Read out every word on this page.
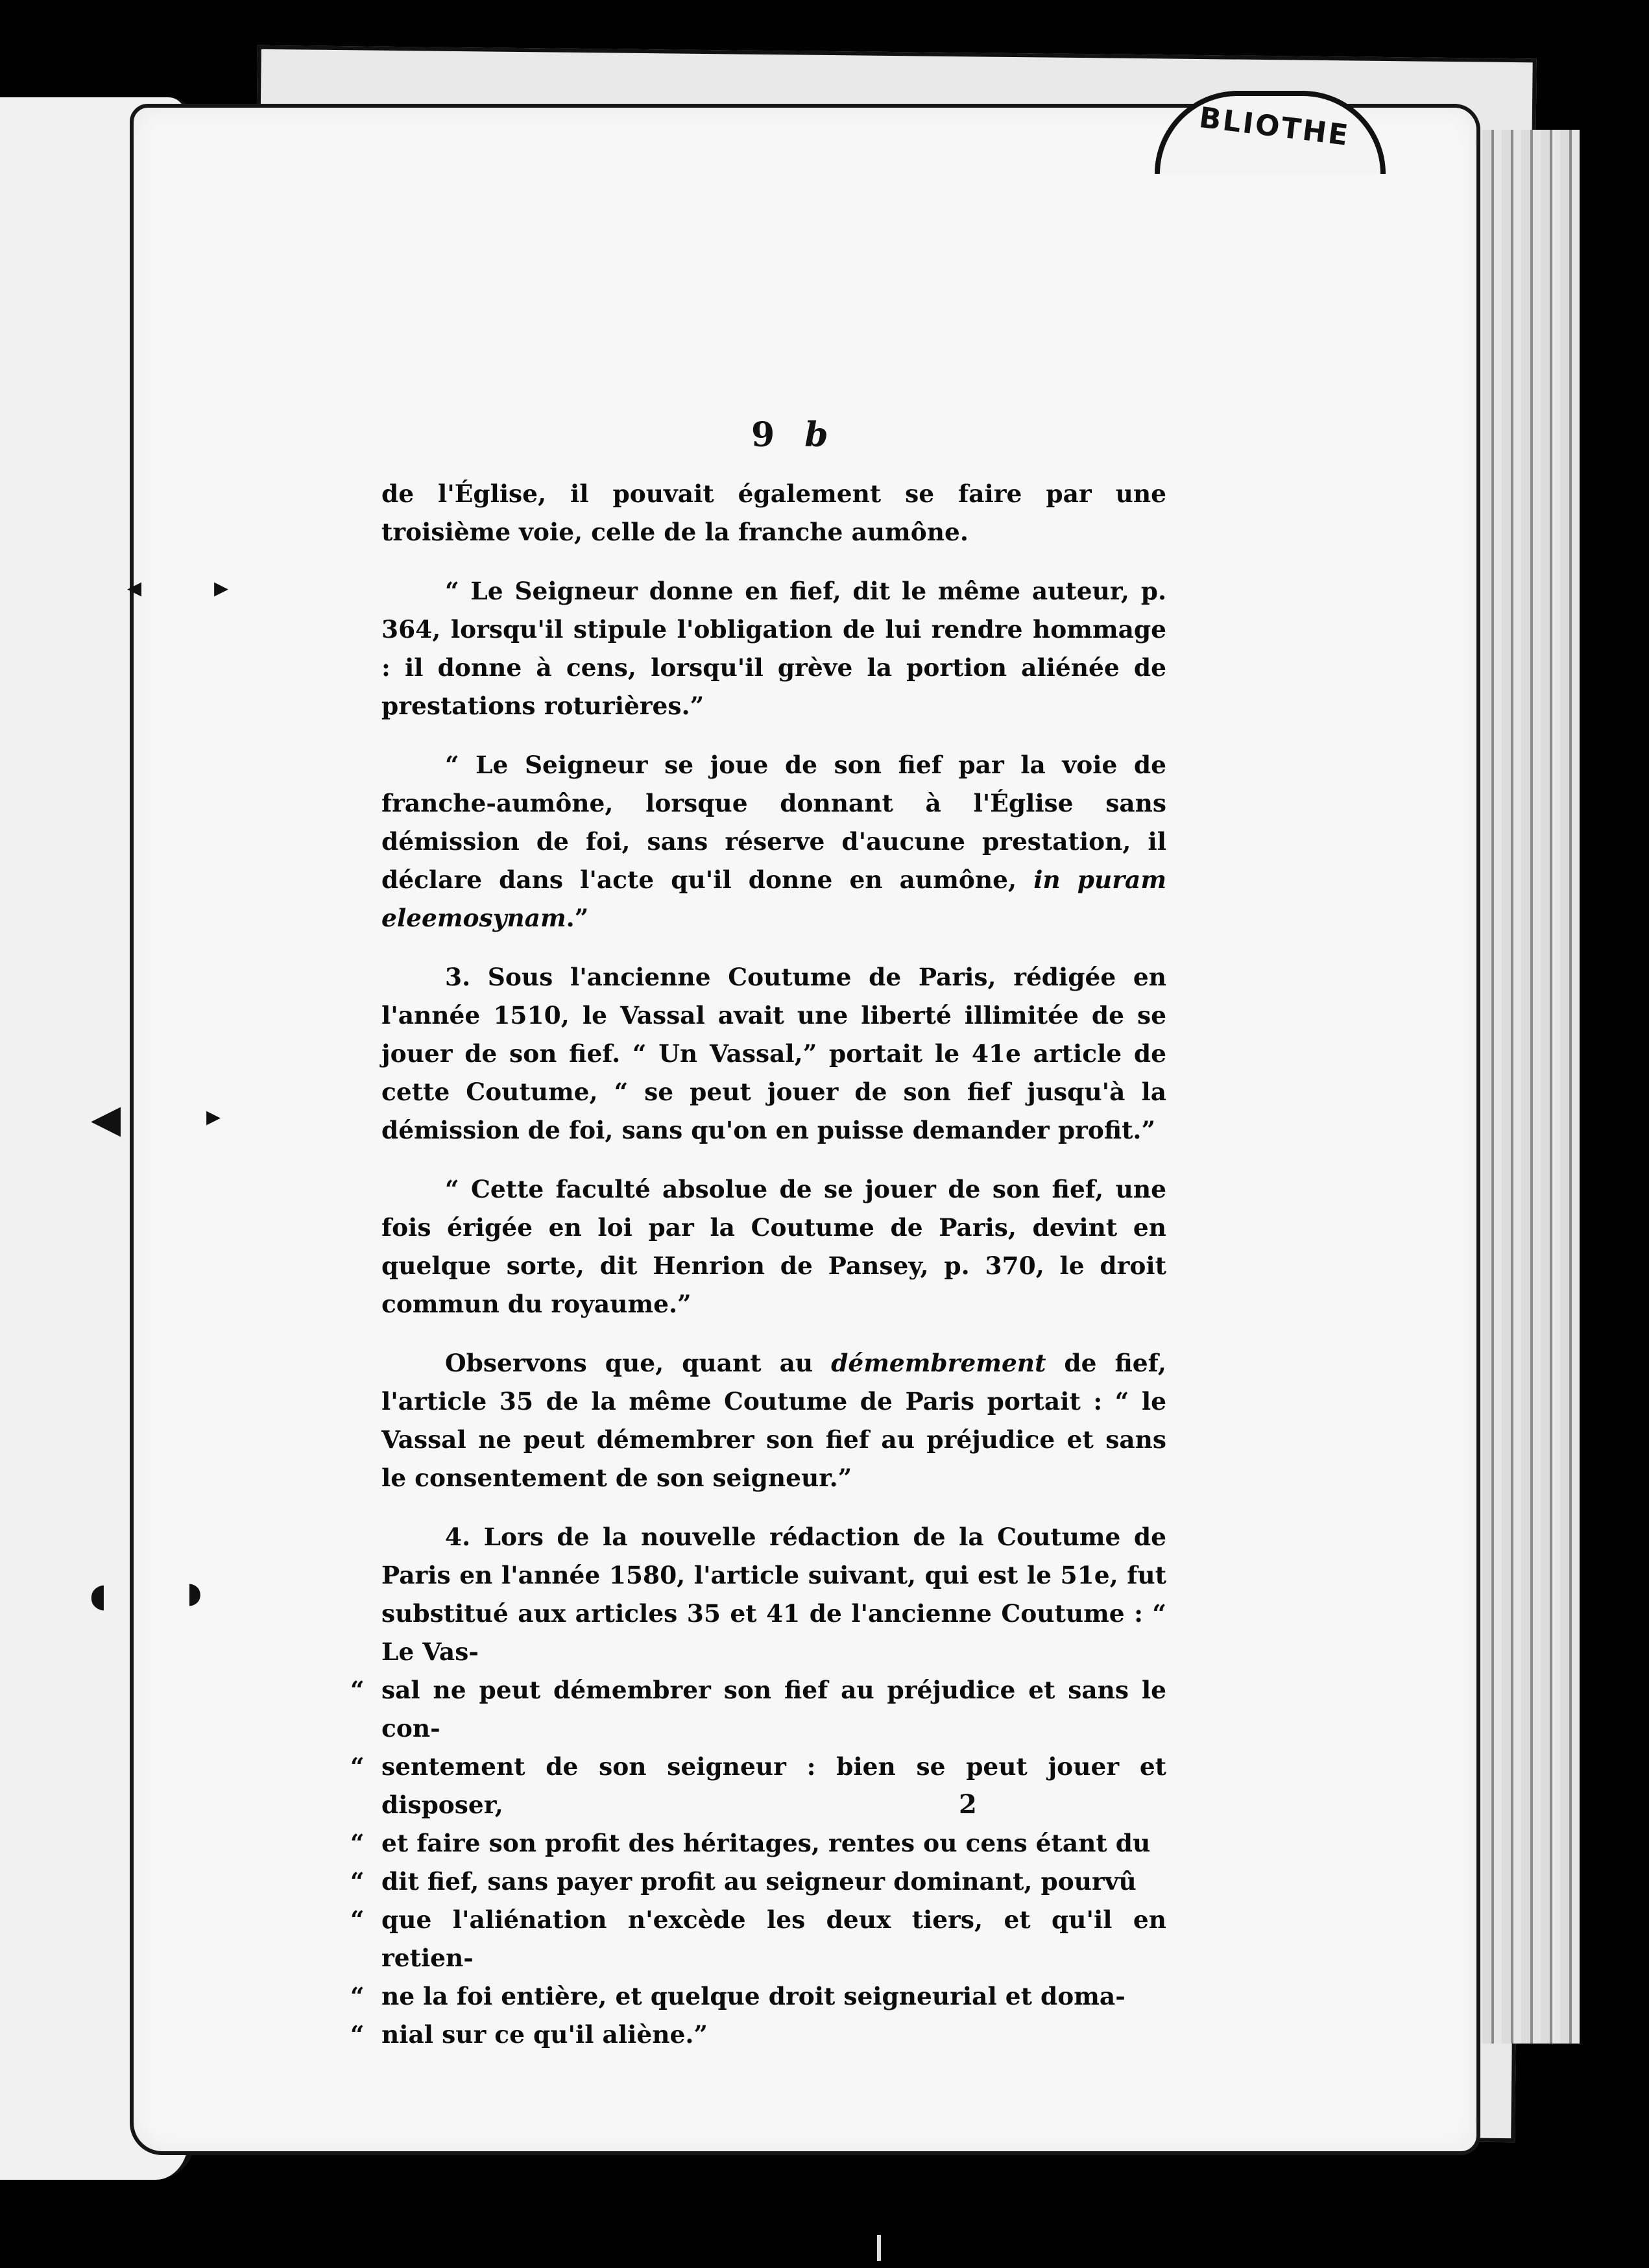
BLIOTHE
◂	▸
◀	▸
◖	◗
9 b

de l'Église, il pouvait également se faire par une troisième voie, celle de la franche aumône.

“ Le Seigneur donne en fief, dit le même auteur, p. 364, lorsqu'il stipule l'obligation de lui rendre hommage : il donne à cens, lorsqu'il grève la portion aliénée de prestations roturières.”

“ Le Seigneur se joue de son fief par la voie de franche-aumône, lorsque donnant à l'Église sans démission de foi, sans réserve d'aucune prestation, il déclare dans l'acte qu'il donne en aumône, in puram eleemosynam.”

3. Sous l'ancienne Coutume de Paris, rédigée en l'année 1510, le Vassal avait une liberté illimitée de se jouer de son fief. “ Un Vassal,” portait le 41e article de cette Coutume, “ se peut jouer de son fief jusqu'à la démission de foi, sans qu'on en puisse demander profit.”

“ Cette faculté absolue de se jouer de son fief, une fois érigée en loi par la Coutume de Paris, devint en quelque sorte, dit Henrion de Pansey, p. 370, le droit commun du royaume.”

Observons que, quant au démembrement de fief, l'article 35 de la même Coutume de Paris portait : “ le Vassal ne peut démembrer son fief au préjudice et sans le consentement de son seigneur.”

4. Lors de la nouvelle rédaction de la Coutume de Paris en l'année 1580, l'article suivant, qui est le 51e, fut substitué aux articles 35 et 41 de l'ancienne Coutume : “ Le Vas-

“ sal ne peut démembrer son fief au préjudice et sans le con-
“ sentement de son seigneur : bien se peut jouer et disposer,
“ et faire son profit des héritages, rentes ou cens étant du
“ dit fief, sans payer profit au seigneur dominant, pourvû
“ que l'aliénation n'excède les deux tiers, et qu'il en retien-
“ ne la foi entière, et quelque droit seigneurial et doma-
“ nial sur ce qu'il aliène.”
2
